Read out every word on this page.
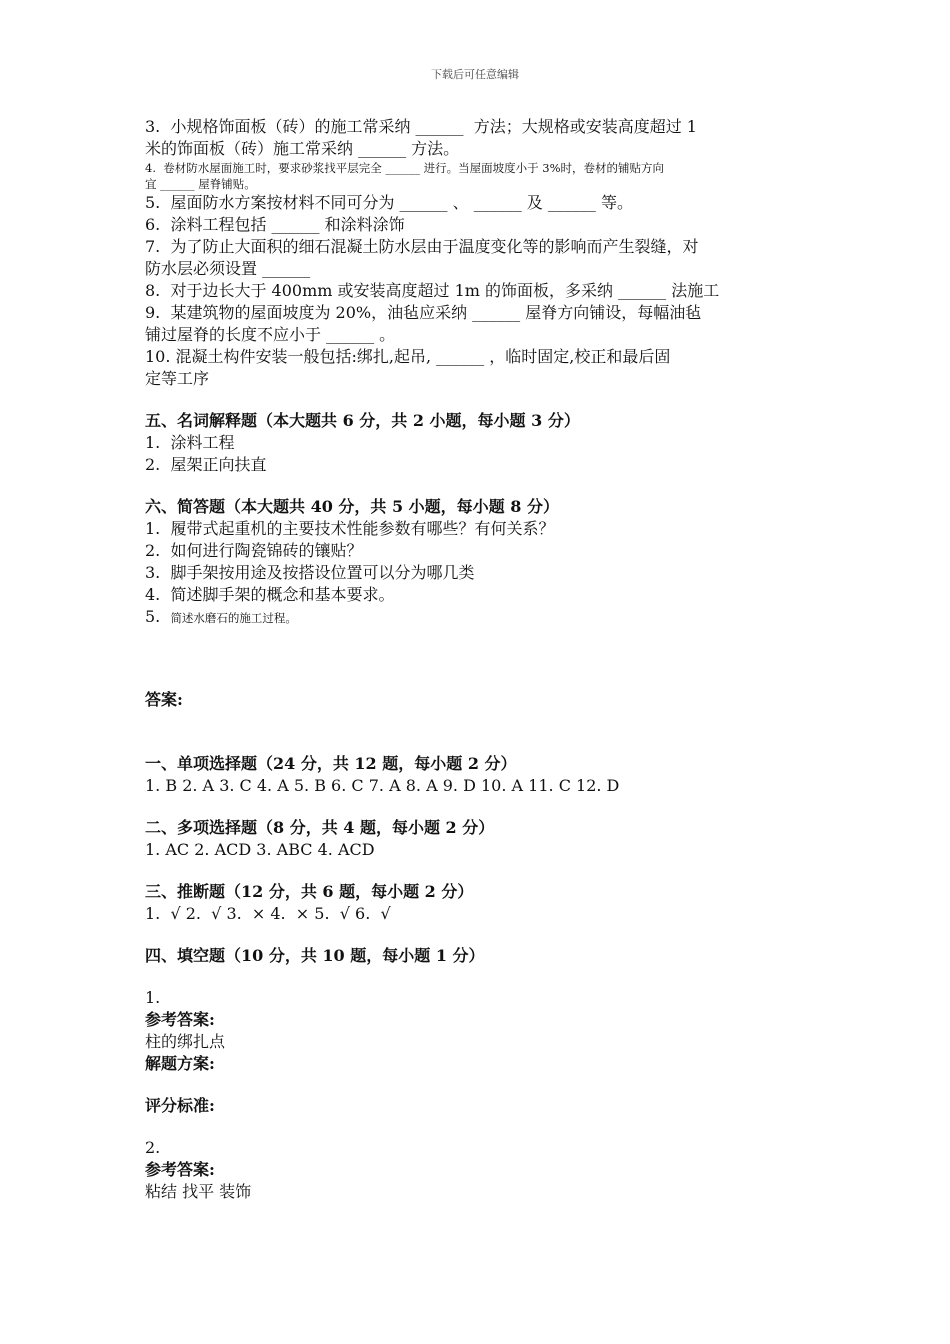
下载后可任意编辑

3.  小规格饰面板（砖）的施工常采纳 ______  方法；大规格或安装高度超过 1

米的饰面板（砖）施工常采纳 ______ 方法。

4.  卷材防水屋面施工时，要求砂浆找平层完全 ______ 进行。当屋面坡度小于 3%时，卷材的铺贴方向

宜 ______ 屋脊铺贴。

5.  屋面防水方案按材料不同可分为 ______ 、 ______ 及 ______ 等。

6.  涂料工程包括 ______ 和涂料涂饰

7.  为了防止大面积的细石混凝土防水层由于温度变化等的影响而产生裂缝，对

防水层必须设置 ______

8.  对于边长大于 400mm 或安装高度超过 1m 的饰面板，多采纳 ______ 法施工

9.  某建筑物的屋面坡度为 20%，油毡应采纳 ______ 屋脊方向铺设，每幅油毡

铺过屋脊的长度不应小于 ______ 。

10. 混凝土构件安装一般包括:绑扎,起吊, ______ ，临时固定,校正和最后固

定等工序

五、名词解释题（本大题共 6 分，共 2 小题，每小题 3 分）

1.  涂料工程

2.  屋架正向扶直

六、简答题（本大题共 40 分，共 5 小题，每小题 8 分）

1.  履带式起重机的主要技术性能参数有哪些？有何关系？

2.  如何进行陶瓷锦砖的镶贴？

3.  脚手架按用途及按搭设位置可以分为哪几类

4.  简述脚手架的概念和基本要求。

5. 简述水磨石的施工过程。

答案:

一、单项选择题（24 分，共 12 题，每小题 2 分）

1. B 2. A 3. C 4. A 5. B 6. C 7. A 8. A 9. D 10. A 11. C 12. D

二、多项选择题（8 分，共 4 题，每小题 2 分）

1. AC 2. ACD 3. ABC 4. ACD

三、推断题（12 分，共 6 题，每小题 2 分）

1.  √ 2.  √ 3.  × 4.  × 5.  √ 6.  √

四、填空题（10 分，共 10 题，每小题 1 分）

1.

参考答案:

柱的绑扎点

解题方案:

评分标准:

2.

参考答案:

粘结 找平 装饰
